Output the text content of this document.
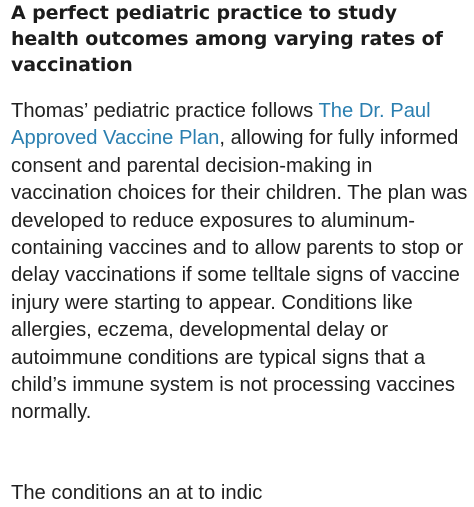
A perfect pediatric practice to study health outcomes among varying rates of vaccination

Thomas’ pediatric practice follows The Dr. Paul Approved Vaccine Plan, allowing for fully informed consent and parental decision-making in vaccination choices for their children. The plan was developed to reduce exposures to aluminum-containing vaccines and to allow parents to stop or delay vaccinations if some telltale signs of vaccine injury were starting to appear. Conditions like allergies, eczema, developmental delay or autoimmune conditions are typical signs that a child’s immune system is not processing vaccines normally.

The conditions an at to indic
